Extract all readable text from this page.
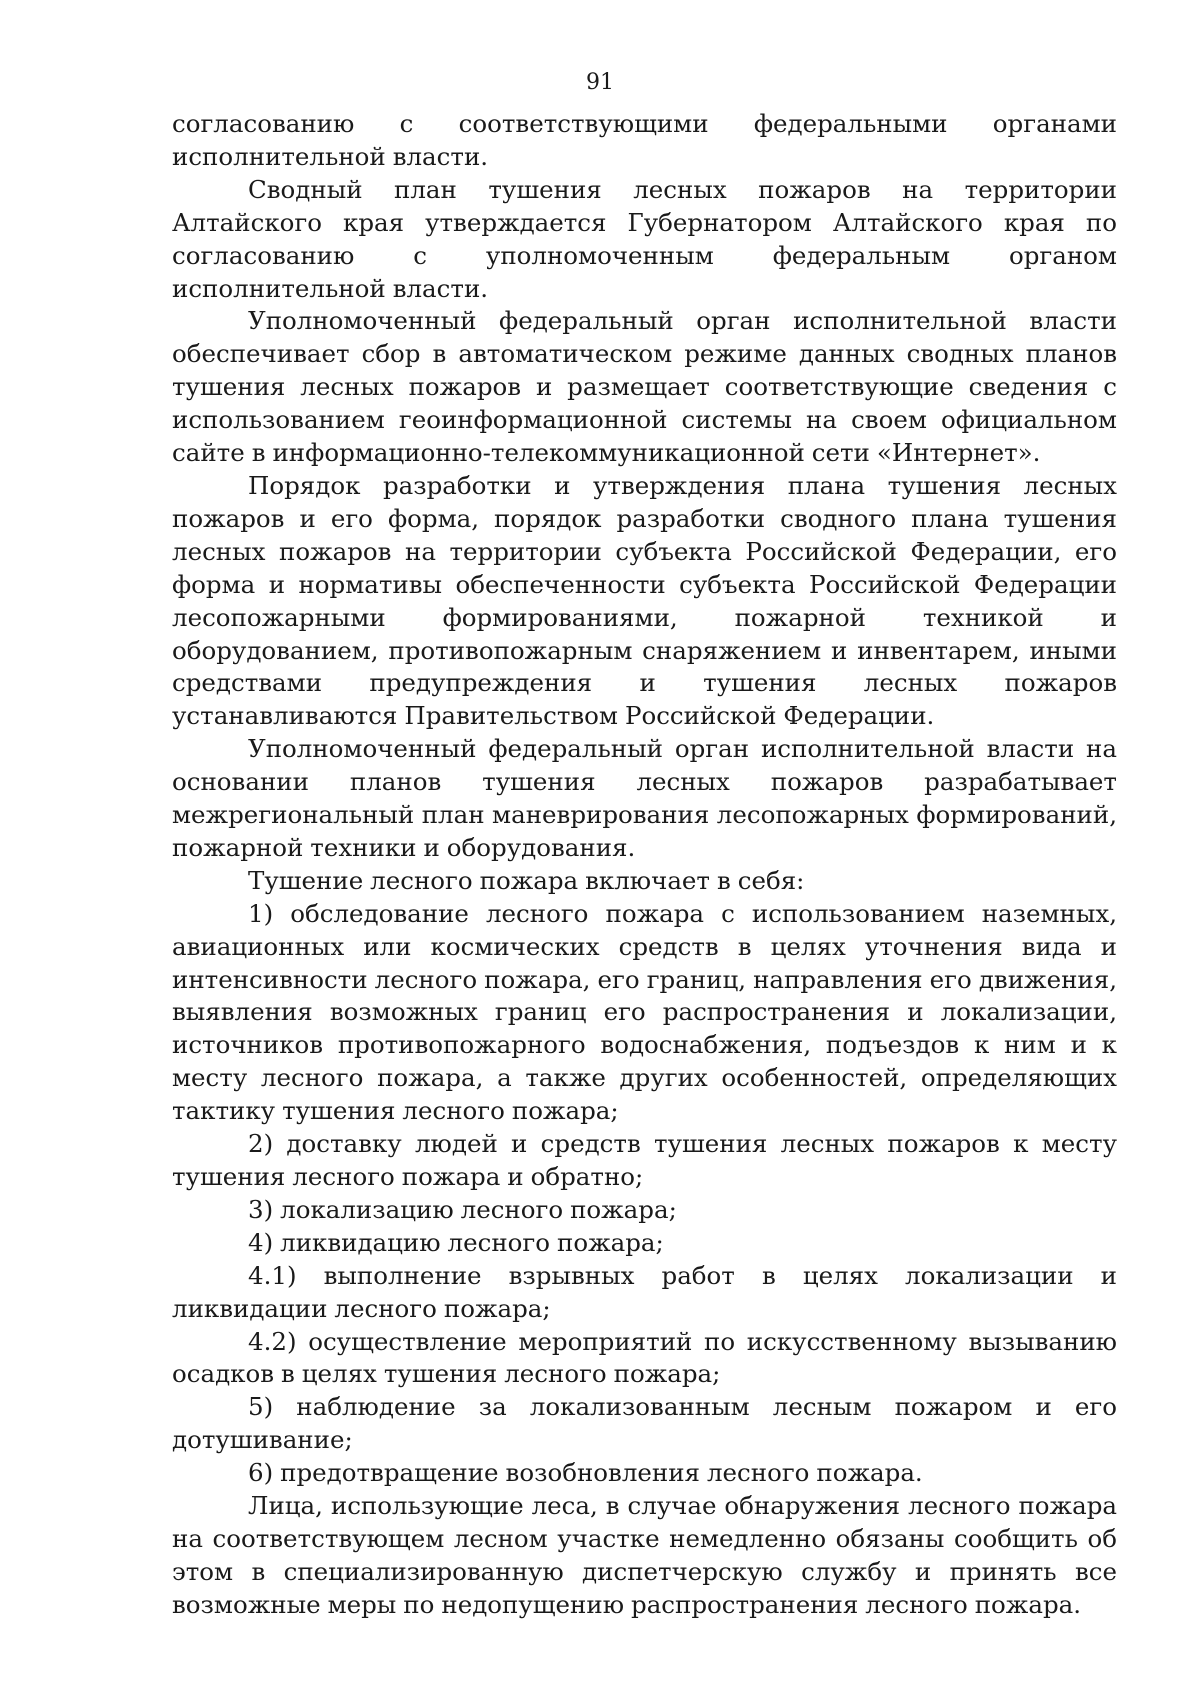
91

согласованию с соответствующими федеральными органами исполнительной власти.

Сводный план тушения лесных пожаров на территории Алтайского края утверждается Губернатором Алтайского края по согласованию с уполномоченным федеральным органом исполнительной власти.

Уполномоченный федеральный орган исполнительной власти обеспечивает сбор в автоматическом режиме данных сводных планов тушения лесных пожаров и размещает соответствующие сведения с использованием геоинформационной системы на своем официальном сайте в информационно-телекоммуникационной сети «Интернет».

Порядок разработки и утверждения плана тушения лесных пожаров и его форма, порядок разработки сводного плана тушения лесных пожаров на территории субъекта Российской Федерации, его форма и нормативы обеспеченности субъекта Российской Федерации лесопожарными формированиями, пожарной техникой и оборудованием, противопожарным снаряжением и инвентарем, иными средствами предупреждения и тушения лесных пожаров устанавливаются Правительством Российской Федерации.

Уполномоченный федеральный орган исполнительной власти на основании планов тушения лесных пожаров разрабатывает межрегиональный план маневрирования лесопожарных формирований, пожарной техники и оборудования.

Тушение лесного пожара включает в себя:

1) обследование лесного пожара с использованием наземных, авиационных или космических средств в целях уточнения вида и интенсивности лесного пожара, его границ, направления его движения, выявления возможных границ его распространения и локализации, источников противопожарного водоснабжения, подъездов к ним и к месту лесного пожара, а также других особенностей, определяющих тактику тушения лесного пожара;

2) доставку людей и средств тушения лесных пожаров к месту тушения лесного пожара и обратно;

3) локализацию лесного пожара;

4) ликвидацию лесного пожара;

4.1) выполнение взрывных работ в целях локализации и ликвидации лесного пожара;

4.2) осуществление мероприятий по искусственному вызыванию осадков в целях тушения лесного пожара;

5) наблюдение за локализованным лесным пожаром и его дотушивание;

6) предотвращение возобновления лесного пожара.

Лица, использующие леса, в случае обнаружения лесного пожара на соответствующем лесном участке немедленно обязаны сообщить об этом в специализированную диспетчерскую службу и принять все возможные меры по недопущению распространения лесного пожара.
